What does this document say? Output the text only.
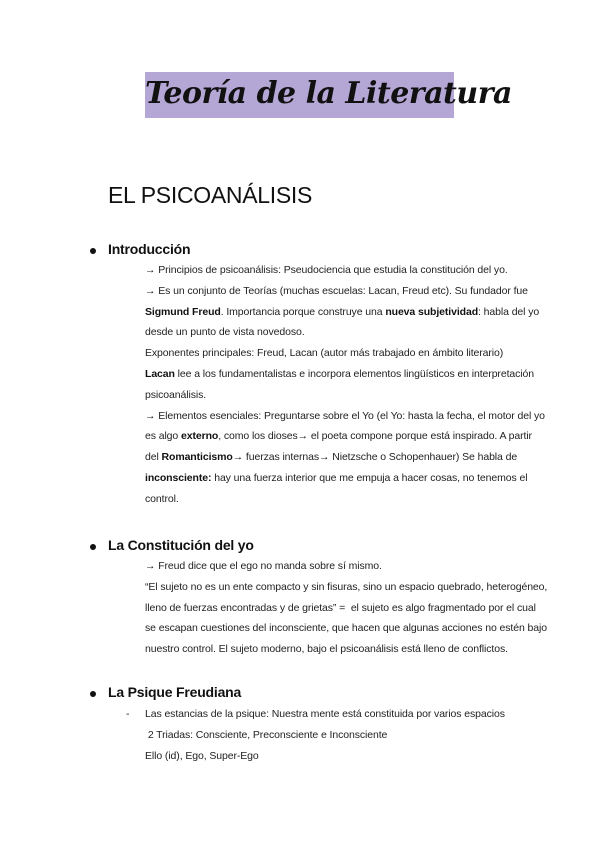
Teoría de la Literatura
EL PSICOANÁLISIS
Introducción
→ Principios de psicoanálisis: Pseudociencia que estudia la constitución del yo.
→ Es un conjunto de Teorías (muchas escuelas: Lacan, Freud etc). Su fundador fue
Sigmund Freud. Importancia porque construye una nueva subjetividad: habla del yo
desde un punto de vista novedoso.
Exponentes principales: Freud, Lacan (autor más trabajado en ámbito literario)
Lacan lee a los fundamentalistas e incorpora elementos lingüísticos en interpretación
psicoanálisis.
→ Elementos esenciales: Preguntarse sobre el Yo (el Yo: hasta la fecha, el motor del yo
es algo externo, como los dioses→ el poeta compone porque está inspirado. A partir
del Romanticismo→ fuerzas internas→ Nietzsche o Schopenhauer) Se habla de
inconsciente: hay una fuerza interior que me empuja a hacer cosas, no tenemos el
control.
La Constitución del yo
→ Freud dice que el ego no manda sobre sí mismo.
“El sujeto no es un ente compacto y sin fisuras, sino un espacio quebrado, heterogéneo,
lleno de fuerzas encontradas y de grietas” =  el sujeto es algo fragmentado por el cual
se escapan cuestiones del inconsciente, que hacen que algunas acciones no estén bajo
nuestro control. El sujeto moderno, bajo el psicoanálisis está lleno de conflictos.
La Psique Freudiana
- Las estancias de la psique: Nuestra mente está constituida por varios espacios
2 Triadas: Consciente, Preconsciente e Inconsciente
Ello (id), Ego, Super-Ego
